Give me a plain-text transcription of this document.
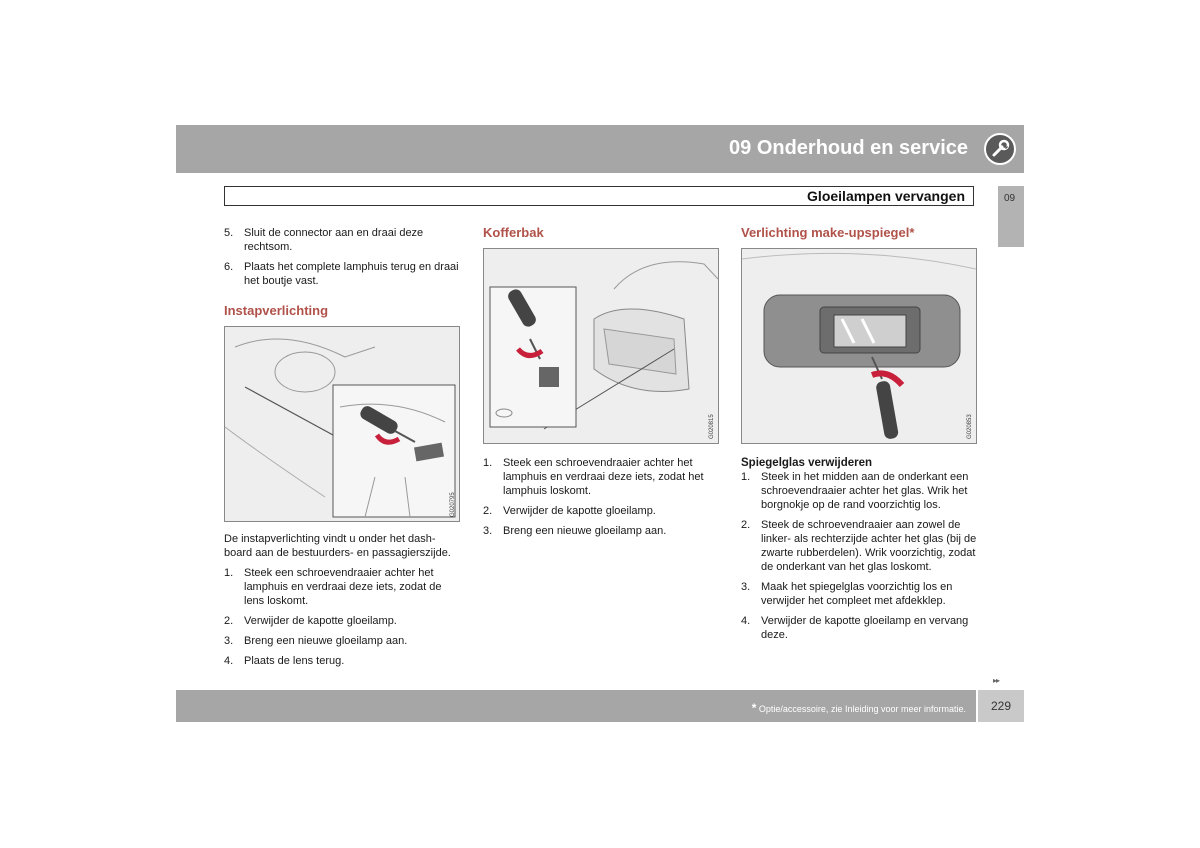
09 Onderhoud en service
Gloeilampen vervangen	09
5. Sluit de connector aan en draai deze rechtsom.
6. Plaats het complete lamphuis terug en draai het boutje vast.
Instapverlichting
G020795

De instapverlichting vindt u onder het dashboard aan de bestuurders- en passagierszijde.

1. Steek een schroevendraaier achter het lamphuis en verdraai deze iets, zodat de lens loskomt.
2. Verwijder de kapotte gloeilamp.
3. Breng een nieuwe gloeilamp aan.
4. Plaats de lens terug.
Kofferbak
G020815
1. Steek een schroevendraaier achter het lamphuis en verdraai deze iets, zodat het lamphuis loskomt.
2. Verwijder de kapotte gloeilamp.
3. Breng een nieuwe gloeilamp aan.
Verlichting make-upspiegel*
G020853
Spiegelglas verwijderen
1. Steek in het midden aan de onderkant een schroevendraaier achter het glas. Wrik het borgnokje op de rand voorzichtig los.
2. Steek de schroevendraaier aan zowel de linker- als rechterzijde achter het glas (bij de zwarte rubberdelen). Wrik voorzichtig, zodat de onderkant van het glas loskomt.
3. Maak het spiegelglas voorzichtig los en verwijder het compleet met afdekklep.
4. Verwijder de kapotte gloeilamp en vervang deze.
▸▸
* Optie/accessoire, zie Inleiding voor meer informatie.	229
